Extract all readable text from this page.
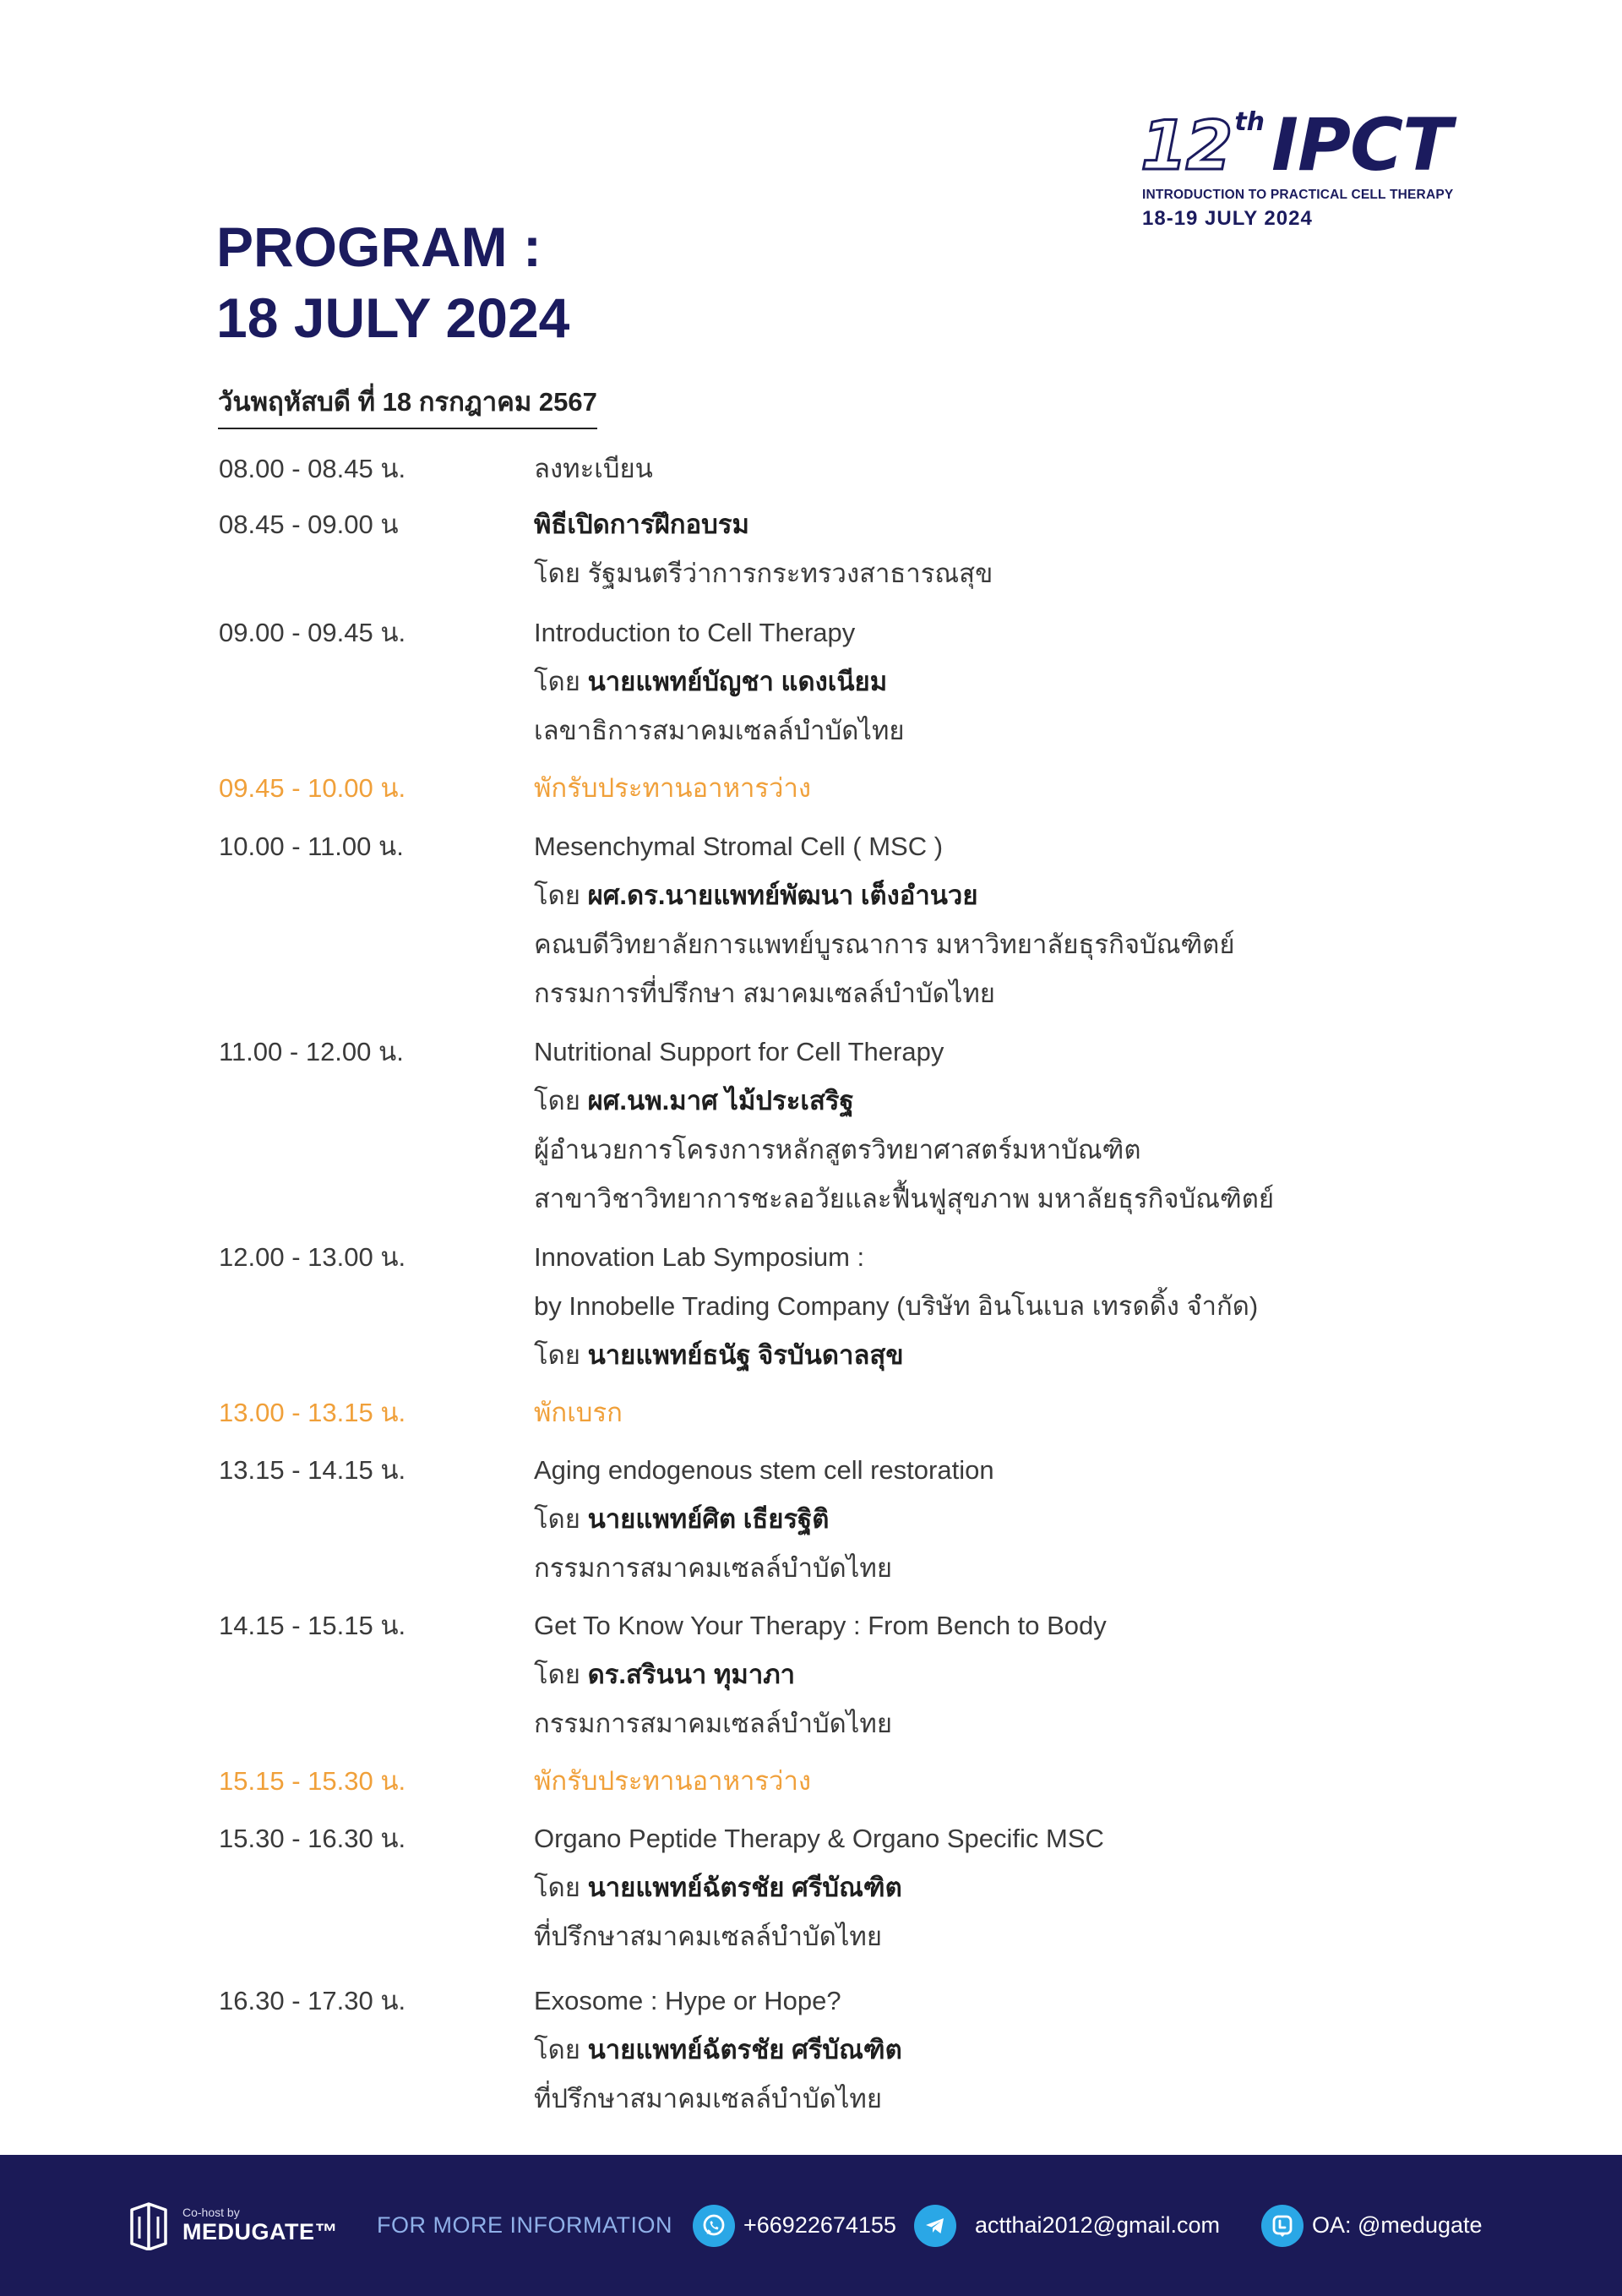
12 th IPCT
INTRODUCTION TO PRACTICAL CELL THERAPY
18-19 JULY 2024
PROGRAM :
18 JULY 2024
วันพฤหัสบดี ที่ 18 กรกฎาคม 2567
08.00 - 08.45 น.	ลงทะเบียน
08.45 - 09.00 น	พิธีเปิดการฝึกอบรม
โดย รัฐมนตรีว่าการกระทรวงสาธารณสุข
09.00 - 09.45 น.	Introduction to Cell Therapy
โดย นายแพทย์บัญชา แดงเนียม
เลขาธิการสมาคมเซลล์บำบัดไทย
09.45 - 10.00 น.	พักรับประทานอาหารว่าง
10.00 - 11.00 น.	Mesenchymal Stromal Cell ( MSC )
โดย ผศ.ดร.นายแพทย์พัฒนา เต็งอำนวย
คณบดีวิทยาลัยการแพทย์บูรณาการ มหาวิทยาลัยธุรกิจบัณฑิตย์
กรรมการที่ปรึกษา สมาคมเซลล์บำบัดไทย
11.00 - 12.00 น.	Nutritional Support for Cell Therapy
โดย ผศ.นพ.มาศ ไม้ประเสริฐ
ผู้อำนวยการโครงการหลักสูตรวิทยาศาสตร์มหาบัณฑิต
สาขาวิชาวิทยาการชะลอวัยและฟื้นฟูสุขภาพ มหาลัยธุรกิจบัณฑิตย์
12.00 - 13.00 น.	Innovation Lab Symposium :
by Innobelle Trading Company (บริษัท อินโนเบล เทรดดิ้ง จำกัด)
โดย นายแพทย์ธนัฐ จิรบันดาลสุข
13.00 - 13.15 น.	พักเบรก
13.15 - 14.15 น.	Aging endogenous stem cell restoration
โดย นายแพทย์ศิต เธียรฐิติ
กรรมการสมาคมเซลล์บำบัดไทย
14.15 - 15.15 น.	Get To Know Your Therapy : From Bench to Body
โดย ดร.สรินนา ทุมาภา
กรรมการสมาคมเซลล์บำบัดไทย
15.15 - 15.30 น.	พักรับประทานอาหารว่าง
15.30 - 16.30 น.	Organo Peptide Therapy & Organo Specific MSC
โดย นายแพทย์ฉัตรชัย ศรีบัณฑิต
ที่ปรึกษาสมาคมเซลล์บำบัดไทย
16.30 - 17.30 น.	Exosome : Hype or Hope?
โดย นายแพทย์ฉัตรชัย ศรีบัณฑิต
ที่ปรึกษาสมาคมเซลล์บำบัดไทย
Co-host by
MEDUGATE™ FOR MORE INFORMATION	+66922674155	actthai2012@gmail.com	OA: @medugate
